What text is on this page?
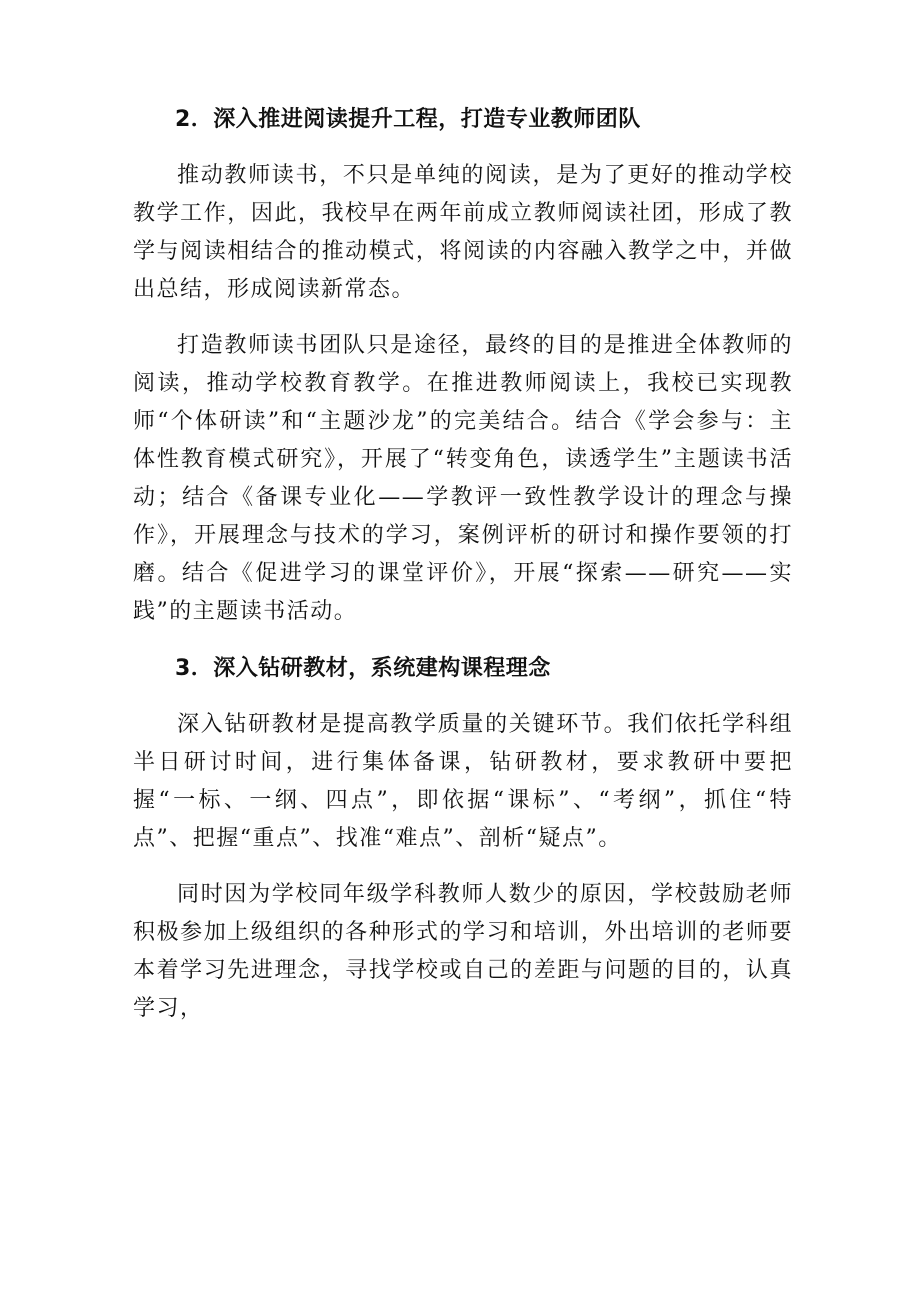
2．深入推进阅读提升工程，打造专业教师团队

推动教师读书，不只是单纯的阅读，是为了更好的推动学校教学工作，因此，我校早在两年前成立教师阅读社团，形成了教学与阅读相结合的推动模式，将阅读的内容融入教学之中，并做出总结，形成阅读新常态。

打造教师读书团队只是途径，最终的目的是推进全体教师的阅读，推动学校教育教学。在推进教师阅读上，我校已实现教师“个体研读”和“主题沙龙”的完美结合。结合《学会参与：主体性教育模式研究》，开展了“转变角色，读透学生”主题读书活动；结合《备课专业化——学教评一致性教学设计的理念与操作》，开展理念与技术的学习，案例评析的研讨和操作要领的打磨。结合《促进学习的课堂评价》，开展“探索——研究——实践”的主题读书活动。

3．深入钻研教材，系统建构课程理念

深入钻研教材是提高教学质量的关键环节。我们依托学科组半日研讨时间，进行集体备课，钻研教材，要求教研中要把握“一标、一纲、四点”，即依据“课标”、“考纲”，抓住“特点”、把握“重点”、找准“难点”、剖析“疑点”。

同时因为学校同年级学科教师人数少的原因，学校鼓励老师积极参加上级组织的各种形式的学习和培训，外出培训的老师要本着学习先进理念，寻找学校或自己的差距与问题的目的，认真学习，
